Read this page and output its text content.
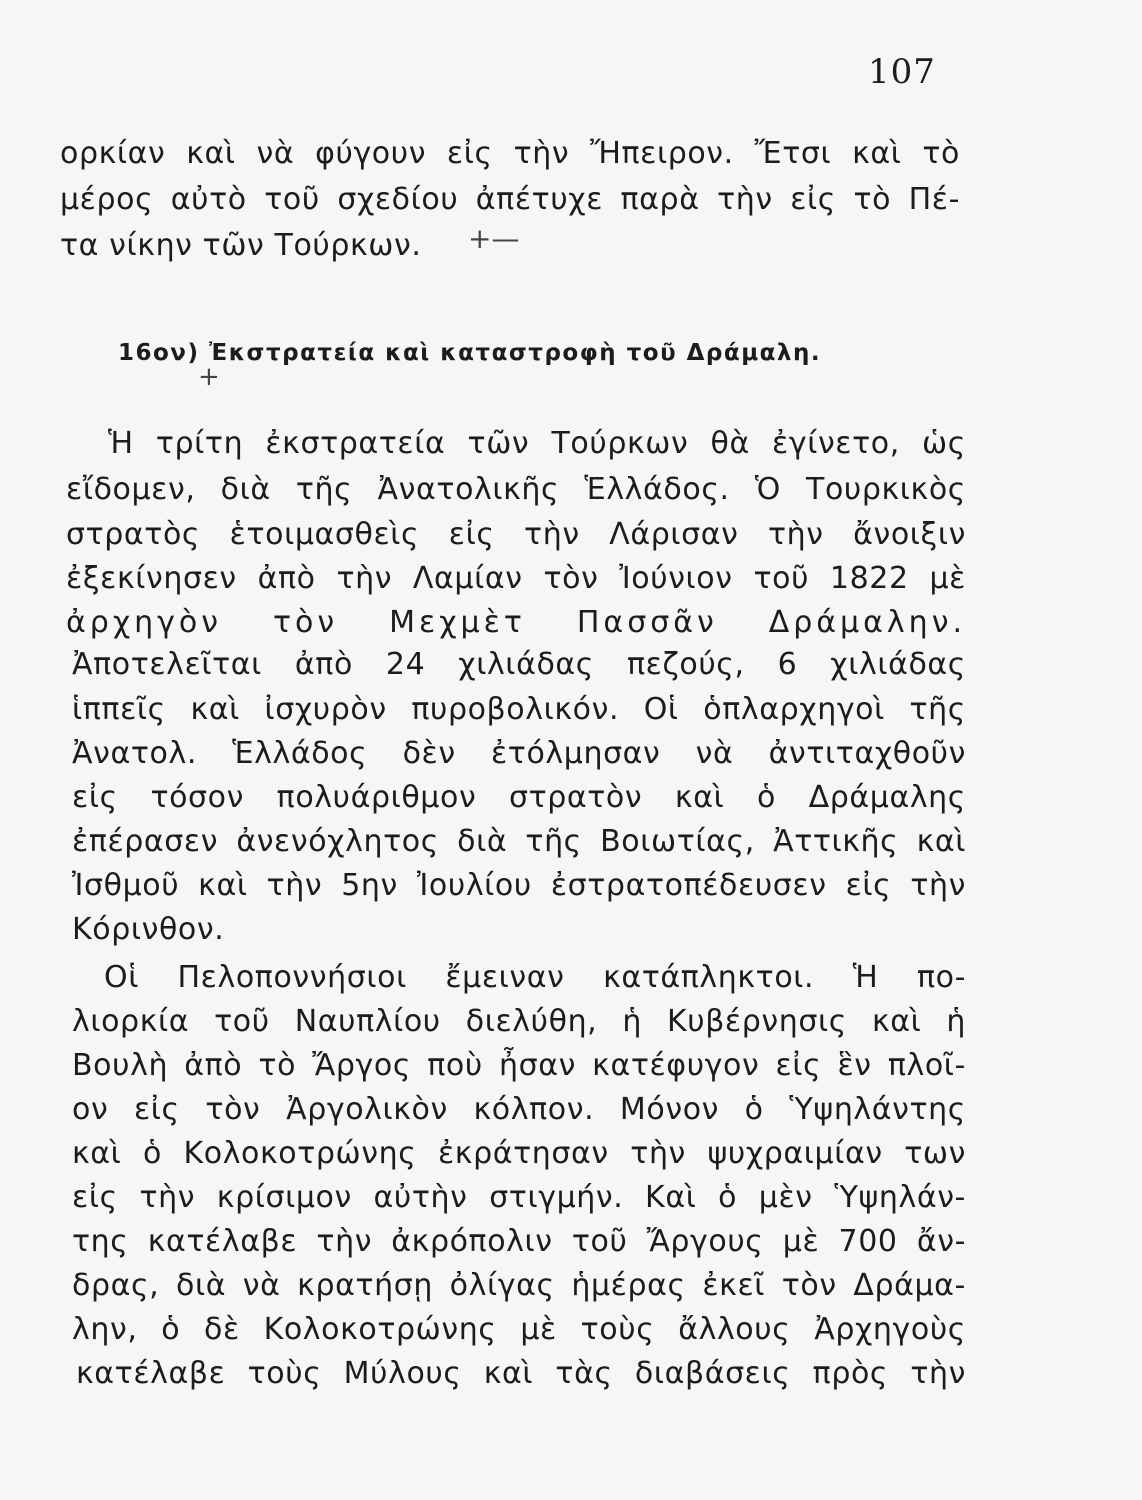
107
ορκίαν καὶ νὰ φύγουν εἰς τὴν Ἤπειρον. Ἔτσι καὶ τὸ
μέρος αὐτὸ τοῦ σχεδίου ἀπέτυχε παρὰ τὴν εἰς τὸ Πέ-
τα νίκην τῶν Τούρκων. +—
16ον) Ἐκστρατεία καὶ καταστροφὴ τοῦ Δράμαλη.
+
Ἡ τρίτη ἐκστρατεία τῶν Τούρκων θὰ ἐγίνετο, ὡς
εἴδομεν, διὰ τῆς Ἀνατολικῆς Ἑλλάδος. Ὁ Τουρκικὸς
στρατὸς ἑτοιμασθεὶς εἰς τὴν Λάρισαν τὴν ἄνοιξιν
ἐξεκίνησεν ἀπὸ τὴν Λαμίαν τὸν Ἰούνιον τοῦ 1822 μὲ
ἀρχηγὸν τὸν Μεχμὲτ Πασσᾶν Δράμαλην.
Ἀποτελεῖται ἀπὸ 24 χιλιάδας πεζούς, 6 χιλιάδας
ἱππεῖς καὶ ἰσχυρὸν πυροβολικόν. Οἱ ὁπλαρχηγοὶ τῆς
Ἀνατολ. Ἑλλάδος δὲν ἐτόλμησαν νὰ ἀντιταχθοῦν
εἰς τόσον πολυάριθμον στρατὸν καὶ ὁ Δράμαλης
ἐπέρασεν ἀνενόχλητος διὰ τῆς Βοιωτίας, Ἀττικῆς καὶ
Ἰσθμοῦ καὶ τὴν 5ην Ἰουλίου ἐστρατοπέδευσεν εἰς τὴν
Κόρινθον.
Οἱ Πελοποννήσιοι ἔμειναν κατάπληκτοι. Ἡ πο-
λιορκία τοῦ Ναυπλίου διελύθη, ἡ Κυβέρνησις καὶ ἡ
Βουλὴ ἀπὸ τὸ Ἄργος ποὺ ἦσαν κατέφυγον εἰς ἓν πλοῖ-
ον εἰς τὸν Ἀργολικὸν κόλπον. Μόνον ὁ Ὑψηλάντης
καὶ ὁ Κολοκοτρώνης ἐκράτησαν τὴν ψυχραιμίαν των
εἰς τὴν κρίσιμον αὐτὴν στιγμήν. Καὶ ὁ μὲν Ὑψηλάν-
της κατέλαβε τὴν ἀκρόπολιν τοῦ Ἄργους μὲ 700 ἄν-
δρας, διὰ νὰ κρατήσῃ ὀλίγας ἡμέρας ἐκεῖ τὸν Δράμα-
λην, ὁ δὲ Κολοκοτρώνης μὲ τοὺς ἄλλους Ἀρχηγοὺς
κατέλαβε τοὺς Μύλους καὶ τὰς διαβάσεις πρὸς τὴν
